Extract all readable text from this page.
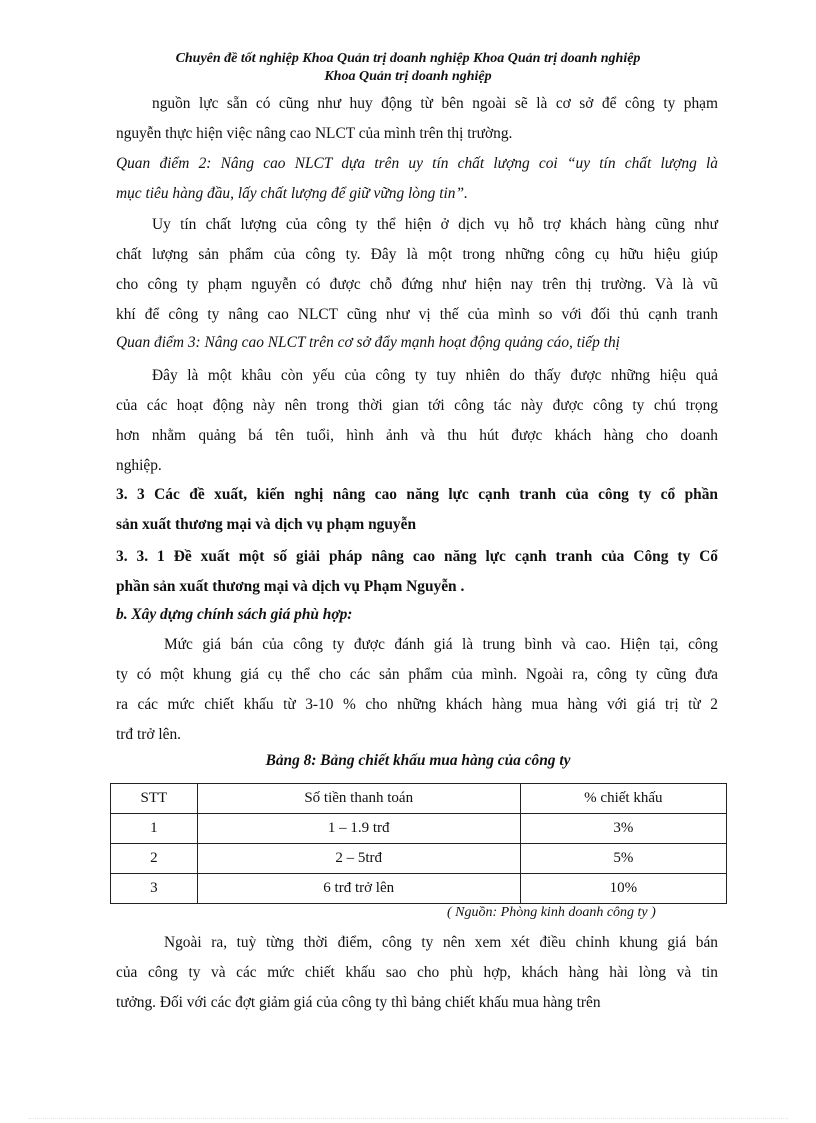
Chuyên đề tốt nghiệp Khoa Quản trị doanh nghiệp Khoa Quản trị doanh nghiệp
Khoa Quản trị doanh nghiệp
nguồn lực sẵn có cũng như huy động từ bên ngoài sẽ là cơ sở để công ty phạm
nguyễn thực hiện việc nâng cao NLCT của mình trên thị trường.
Quan điểm 2: Nâng cao NLCT dựa trên uy tín chất lượng coi “uy tín chất lượng là
mục tiêu hàng đầu, lấy chất lượng để giữ vững lòng tin”.
Uy tín chất lượng của công ty thể hiện ở dịch vụ hỗ trợ khách hàng cũng như
chất lượng sản phẩm của công ty. Đây là một trong những công cụ hữu hiệu giúp
cho công ty phạm nguyễn có được chỗ đứng như hiện nay trên thị trường. Và là vũ
khí để công ty nâng cao NLCT cũng như vị thế của mình so với đối thủ cạnh tranh
Quan điểm 3: Nâng cao NLCT trên cơ sở đẩy mạnh hoạt động quảng cáo, tiếp thị
Đây là một khâu còn yếu của công ty tuy nhiên do thấy được những hiệu quả
của các hoạt động này nên trong thời gian tới công tác này được công ty chú trọng
hơn nhằm quảng bá tên tuổi, hình ảnh và thu hút được khách hàng cho doanh
nghiệp.
3. 3 Các đề xuất, kiến nghị nâng cao năng lực cạnh tranh của công ty cổ phần
sản xuất thương mại và dịch vụ phạm nguyễn
3. 3. 1 Đề xuất một số giải pháp nâng cao năng lực cạnh tranh của Công ty Cổ
phần sản xuất thương mại và dịch vụ Phạm Nguyễn .
b. Xây dựng chính sách giá phù hợp:
Mức giá bán của công ty được đánh giá là trung bình và cao. Hiện tại, công
ty có một khung giá cụ thể cho các sản phẩm của mình. Ngoài ra, công ty cũng đưa
ra các mức chiết khấu từ 3-10 % cho những khách hàng mua hàng với giá trị từ 2
trđ trở lên.
Bảng 8: Bảng chiết khấu mua hàng của công ty
STT	Số tiền thanh toán	% chiết khấu
1	1 – 1.9 trđ	3%
2	2 – 5trđ	5%
3	6 trđ trở lên	10%
( Nguồn: Phòng kinh doanh công ty )
Ngoài ra, tuỳ từng thời điểm, công ty nên xem xét điều chỉnh khung giá bán
của công ty và các mức chiết khấu sao cho phù hợp, khách hàng hài lòng và tin
tưởng. Đối với các đợt giảm giá của công ty thì bảng chiết khấu mua hàng trên
